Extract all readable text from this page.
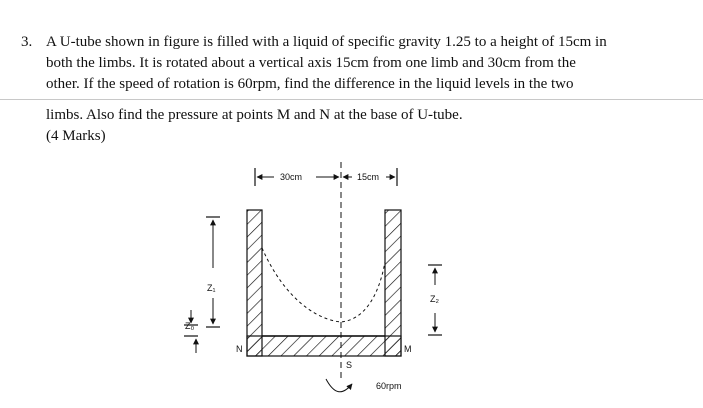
3. A U-tube shown in figure is filled with a liquid of specific gravity 1.25 to a height of 15cm in
both the limbs. It is rotated about a vertical axis 15cm from one limb and 30cm from the
other. If the speed of rotation is 60rpm, find the difference in the liquid levels in the two
limbs. Also find the pressure at points M and N at the base of U-tube.
(4 Marks)
30cm	15cm
Z₁
Z₀
Z₂
N	M
S
60rpm
